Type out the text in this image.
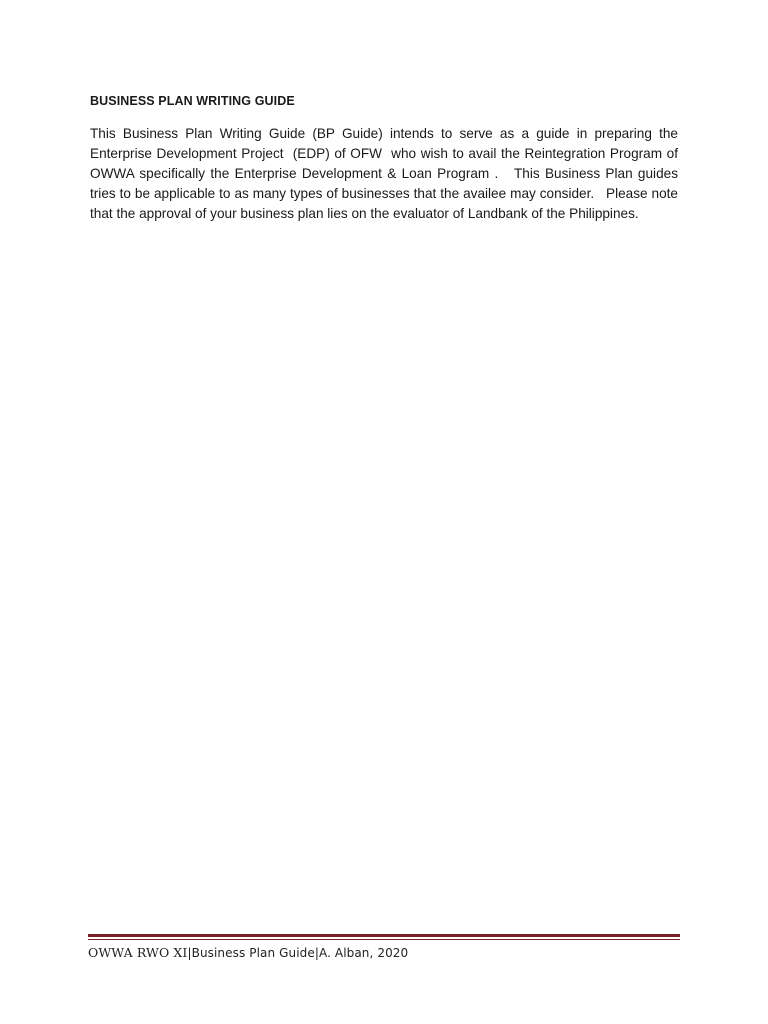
BUSINESS PLAN WRITING GUIDE

This Business Plan Writing Guide (BP Guide) intends to serve as a guide in preparing the Enterprise Development Project  (EDP) of OFW  who wish to avail the Reintegration Program of OWWA specifically the Enterprise Development & Loan Program .   This Business Plan guides tries to be applicable to as many types of businesses that the availee may consider.   Please note that the approval of your business plan lies on the evaluator of Landbank of the Philippines.

OWWA RWO XI |Business Plan Guide|A. Alban, 2020
